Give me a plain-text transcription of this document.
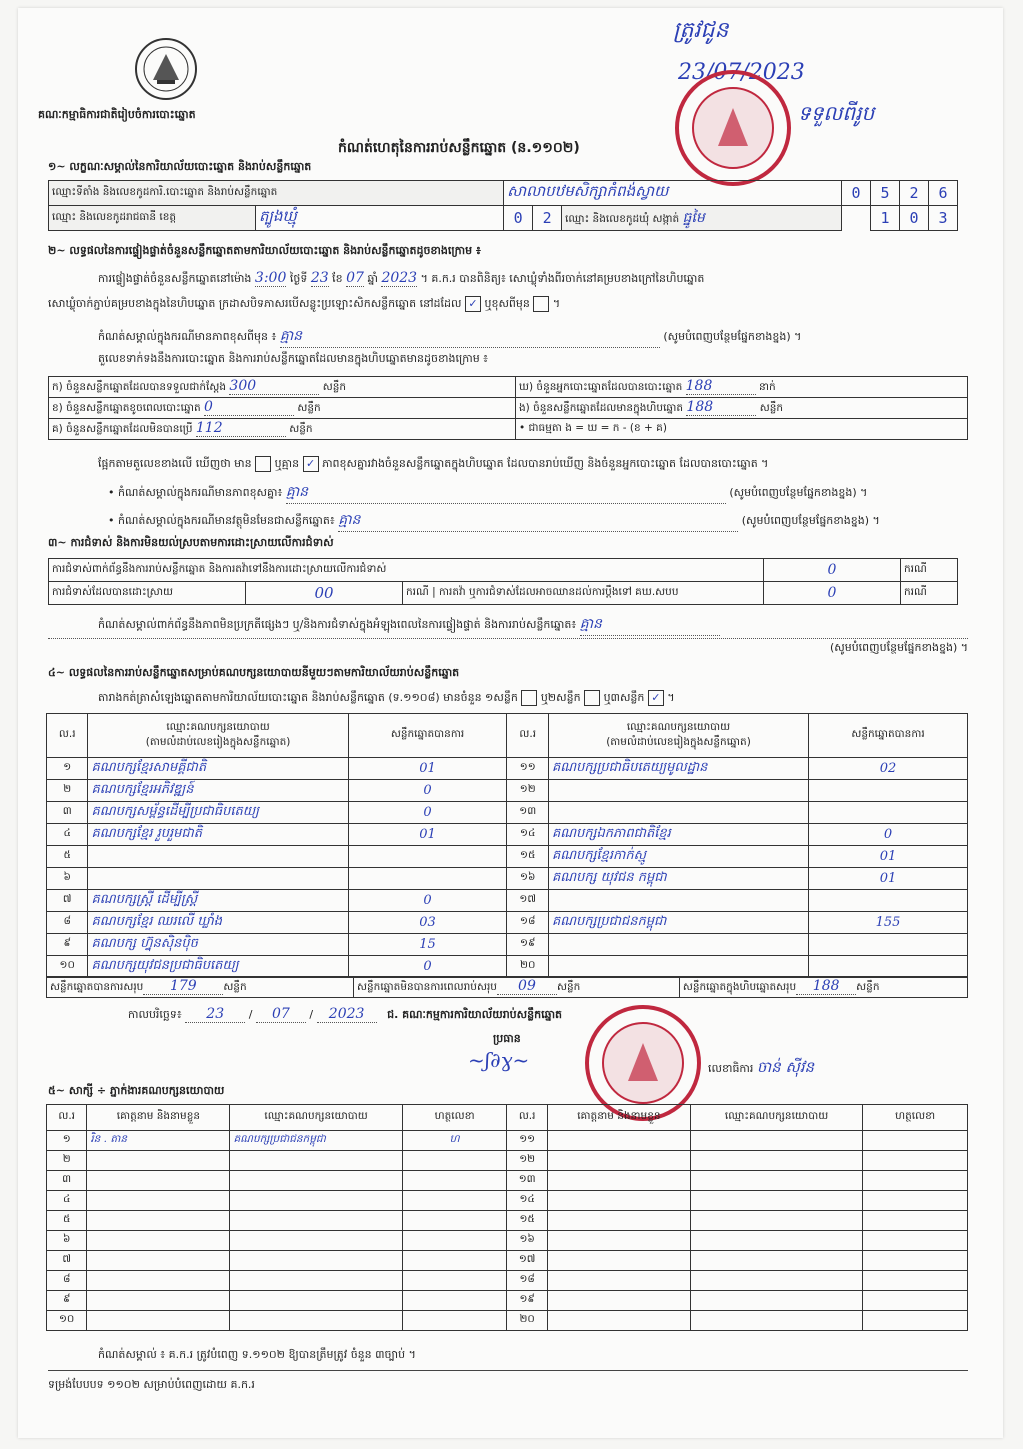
គណៈកម្មាធិការជាតិរៀបចំការបោះឆ្នោត
ត្រូវជូន
23/07/2023
ទទួលពីរូប
កំណត់ហេតុនៃការរាប់សន្លឹកឆ្នោត (ន.១១០២)
១~ លក្ខណៈសម្គាល់នៃការិយាល័យបោះឆ្នោត និងរាប់សន្លឹកឆ្នោត
ឈ្មោះទីតាំង និងលេខកូដការិ.បោះឆ្នោត និងរាប់សន្លឹកឆ្នោត		សាលាបឋមសិក្សាកំពង់ស្វាយ			0	5	2	6
ឈ្មោះ និងលេខកូដរាជធានី ខេត្ត	ត្បូងឃ្មុំ	0	2	ឈ្មោះ និងលេខកូដឃុំ សង្កាត់ ធ្នូមៃ		1	0	3
២~ លទ្ធផលនៃការផ្ទៀងផ្ទាត់ចំនួនសន្លឹកឆ្នោតតាមការិយាល័យបោះឆ្នោត និងរាប់សន្លឹកឆ្នោតដូចខាងក្រោម ៖
ការផ្ទៀងផ្ទាត់ចំនួនសន្លឹកឆ្នោតនៅម៉ោង 3:00 ថ្ងៃទី 23 ខែ 07 ឆ្នាំ 2023 ។ គ.ក.រ បានពិនិត្យ៖ សោឃ្លុំទាំងពីរចាក់នៅគម្របខាងក្រៅនៃហិបឆ្នោត
សោឃ្លុំចាក់ភ្ជាប់គម្របខាងក្នុងនៃហិបឆ្នោត ក្រដាសបិទភាសរបើសន្លូះប្រឡោះសិកសន្លឹកឆ្នោត នៅដដែល ✓ ឬខុសពីមុន  ។
កំណត់សម្គាល់ក្នុងករណីមានភាពខុសពីមុន ៖ គ្មាន	(សូមបំពេញបន្ថែមផ្នែកខាងខ្នង) ។
តួលេខទាក់ទងនឹងការបោះឆ្នោត និងការរាប់សន្លឹកឆ្នោតដែលមានក្នុងហិបឆ្នោតមានដូចខាងក្រោម ៖
ក) ចំនួនសន្លឹកឆ្នោតដែលបានទទួលជាក់ស្តែង 300 សន្លឹក	ឃ) ចំនួនអ្នកបោះឆ្នោតដែលបានបោះឆ្នោត 188 នាក់
ខ) ចំនួនសន្លឹកឆ្នោតខូចពេលបោះឆ្នោត 0 សន្លឹក	ង) ចំនួនសន្លឹកឆ្នោតដែលមានក្នុងហិបឆ្នោត 188 សន្លឹក
គ) ចំនួនសន្លឹកឆ្នោតដែលមិនបានប្រើ 112 សន្លឹក	• ជាធម្មតា ង = ឃ = ក - (ខ + គ)
ផ្អែកតាមតួលេខខាងលើ ឃើញថា មាន ឬគ្មាន ✓ ភាពខុសគ្នារវាងចំនួនសន្លឹកឆ្នោតក្នុងហិបឆ្នោត ដែលបានរាប់ឃើញ និងចំនួនអ្នកបោះឆ្នោត ដែលបានបោះឆ្នោត ។
• កំណត់សម្គាល់ក្នុងករណីមានភាពខុសគ្នា៖ គ្មាន	(សូមបំពេញបន្ថែមផ្នែកខាងខ្នង) ។
• កំណត់សម្គាល់ក្នុងករណីមានវត្ថុមិនមែនជាសន្លឹកឆ្នោត៖ គ្មាន	(សូមបំពេញបន្ថែមផ្នែកខាងខ្នង) ។
៣~ ការជំទាស់ និងការមិនយល់ស្របតាមការដោះស្រាយលើការជំទាស់
ការជំទាស់ពាក់ព័ន្ធនឹងការរាប់សន្លឹកឆ្នោត និងការតវ៉ាទៅនឹងការដោះស្រាយលើការជំទាស់			0	ករណី
ការជំទាស់ដែលបានដោះស្រាយ	00	ករណី | ការតវ៉ា ឬការជំទាស់ដែលអាចឈានដល់ការប្តឹងទៅ គឃ.សបប	0	ករណី
កំណត់សម្គាល់ពាក់ព័ន្ធនឹងភាពមិនប្រក្រតីផ្សេងៗ ឬ/និងការជំទាស់ក្នុងអំឡុងពេលនៃការផ្ទៀងផ្ទាត់ និងការរាប់សន្លឹកឆ្នោត៖ គ្មាន
(សូមបំពេញបន្ថែមផ្នែកខាងខ្នង) ។
៤~ លទ្ធផលនៃការរាប់សន្លឹកឆ្នោតសម្រាប់គណបក្សនយោបាយនីមួយៗតាមការិយាល័យរាប់សន្លឹកឆ្នោត
តារាងកត់ត្រាសំឡេងឆ្នោតតាមការិយាល័យបោះឆ្នោត និងរាប់សន្លឹកឆ្នោត (ទ.១១០៨) មានចំនួន ១សន្លឹក ឬ២សន្លឹក ឬ៣សន្លឹក ✓ ។
ល.រ	ឈ្មោះគណបក្សនយោបាយ
(តាមលំដាប់លេខរៀងក្នុងសន្លឹកឆ្នោត)	សន្លឹកឆ្នោតបានការ	ល.រ	ឈ្មោះគណបក្សនយោបាយ
(តាមលំដាប់លេខរៀងក្នុងសន្លឹកឆ្នោត)	សន្លឹកឆ្នោតបានការ
១	គណបក្សខ្មែរសាមគ្គីជាតិ	01	១១	គណបក្សប្រជាធិបតេយ្យមូលដ្ឋាន	02
២	គណបក្សខ្មែរអភិវឌ្ឍន៍	0	១២		
៣	គណបក្សសម្ព័ន្ធដើម្បីប្រជាធិបតេយ្យ	0	១៣		
៤	គណបក្សខ្មែរ រួបរួមជាតិ	01	១៤	គណបក្សឯកភាពជាតិខ្មែរ	0
៥			១៥	គណបក្សខ្មែរកាក់ស្មូ	01
៦			១៦	គណបក្ស យុវជន កម្ពុជា	01
៧	គណបក្សស្ត្រី ដើម្បីស្ត្រី	0	១៧		
៨	គណបក្សខ្មែរ ឈរលើ ឃ្លាំង	03	១៨	គណបក្សប្រជាជនកម្ពុជា	155
៩	គណបក្ស ហ្វ៊ុនស៊ិនប៉ិច	15	១៩		
១០	គណបក្សយុវជនប្រជាធិបតេយ្យ	0	២០		
សន្លឹកឆ្នោតបានការសរុប 179	សន្លឹក	សន្លឹកឆ្នោតមិនបានការពេលរាប់សរុប 09 សន្លឹក	សន្លឹកឆ្នោតក្នុងហិបឆ្នោតសរុប 188 សន្លឹក
កាលបរិច្ឆេទ៖ 23 / 07 / 2023 ជ. គណៈកម្មការការិយាល័យរាប់សន្លឹកឆ្នោត
ប្រធាន
~ʃ∂ɣ~	លេខាធិការ ចាន់ ស៊ីវន
៥~ សាក្សី ÷ ភ្នាក់ងារគណបក្សនយោបាយ
ល.រ	គោត្តនាម និងនាមខ្លួន	ឈ្មោះគណបក្សនយោបាយ	ហត្ថលេខា	ល.រ	គោត្តនាម និងនាមខ្លួន	ឈ្មោះគណបក្សនយោបាយ	ហត្ថលេខា
១	រិន . តាន	គណបក្សប្រជាជនកម្ពុជា	ហ	១១			
២				១២			
៣				១៣			
៤				១៤			
៥				១៥			
៦				១៦			
៧				១៧			
៨				១៨			
៩				១៩			
១០				២០			
កំណត់សម្គាល់ ៖ គ.ក.រ ត្រូវបំពេញ ទ.១១០២ ឱ្យបានត្រឹមត្រូវ ចំនួន ៣ច្បាប់ ។
ទម្រង់បែបបទ ១១០២ សម្រាប់បំពេញដោយ គ.ក.រ
